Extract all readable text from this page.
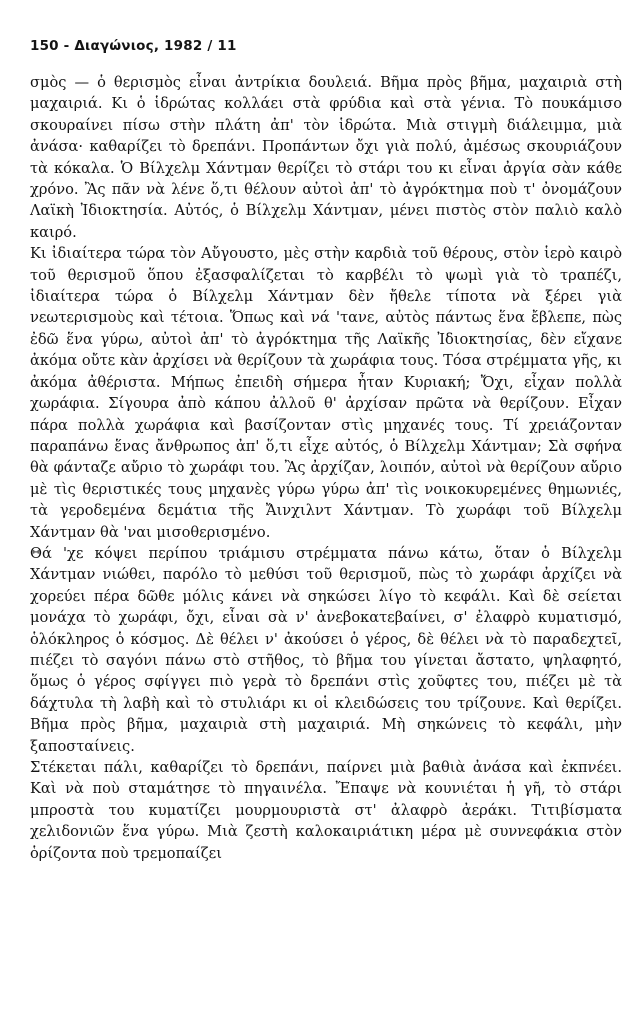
150 - Διαγώνιος, 1982 / 11

σμὸς — ὁ θερισμὸς εἶναι ἀντρίκια δουλειά. Βῆμα πρὸς βῆμα, μαχαιριὰ στὴ μαχαιριά. Κι ὁ ἱδρώτας κολλάει στὰ φρύδια καὶ στὰ γένια. Τὸ πουκάμισο σκουραίνει πίσω στὴν πλάτη ἀπ' τὸν ἱδρώτα. Μιὰ στιγμὴ διάλειμμα, μιὰ ἀνάσα· καθαρίζει τὸ δρεπάνι. Προπάντων ὄχι γιὰ πολύ, ἀμέσως σκουριάζουν τὰ κόκαλα. Ὁ Βίλχελμ Χάντμαν θερίζει τὸ στάρι του κι εἶναι ἀργία σὰν κάθε χρόνο. Ἂς πᾶν νὰ λένε ὅ,τι θέλουν αὐτοὶ ἀπ' τὸ ἀγρόκτημα ποὺ τ' ὀνομάζουν Λαϊκὴ Ἰδιοκτησία. Αὐτός, ὁ Βίλχελμ Χάντμαν, μένει πιστὸς στὸν παλιὸ καλὸ καιρό.

Κι ἰδιαίτερα τώρα τὸν Αὔγουστο, μὲς στὴν καρδιὰ τοῦ θέρους, στὸν ἱερὸ καιρὸ τοῦ θερισμοῦ ὅπου ἐξασφαλίζεται τὸ καρβέλι τὸ ψωμὶ γιὰ τὸ τραπέζι, ἰδιαίτερα τώρα ὁ Βίλχελμ Χάντμαν δὲν ἤθελε τίποτα νὰ ξέρει γιὰ νεωτερισμοὺς καὶ τέτοια. Ὅπως καὶ νά 'τανε, αὐτὸς πάντως ἕνα ἔβλεπε, πὼς ἐδῶ ἕνα γύρω, αὐτοὶ ἀπ' τὸ ἀγρόκτημα τῆς Λαϊκῆς Ἰδιοκτησίας, δὲν εἴχανε ἀκόμα οὔτε κὰν ἀρχίσει νὰ θερίζουν τὰ χωράφια τους. Τόσα στρέμματα γῆς, κι ἀκόμα ἀθέριστα. Μήπως ἐπειδὴ σήμερα ἦταν Κυριακή; Ὄχι, εἶχαν πολλὰ χωράφια. Σίγουρα ἀπὸ κάπου ἀλλοῦ θ' ἀρχίσαν πρῶτα νὰ θερίζουν. Εἶχαν πάρα πολλὰ χωράφια καὶ βασίζονταν στὶς μηχανές τους. Τί χρειάζονταν παραπάνω ἕνας ἄνθρωπος ἀπ' ὅ,τι εἶχε αὐτός, ὁ Βίλχελμ Χάντμαν; Σὰ σφήνα θὰ φάνταζε αὔριο τὸ χωράφι του. Ἂς ἀρχίζαν, λοιπόν, αὐτοὶ νὰ θερίζουν αὔριο μὲ τὶς θεριστικές τους μηχανὲς γύρω γύρω ἀπ' τὶς νοικοκυρεμένες θημωνιές, τὰ γεροδεμένα δεμάτια τῆς Ἄινχιλντ Χάντμαν. Τὸ χωράφι τοῦ Βίλχελμ Χάντμαν θὰ 'ναι μισοθερισμένο.

Θά 'χε κόψει περίπου τριάμισυ στρέμματα πάνω κάτω, ὅταν ὁ Βίλχελμ Χάντμαν νιώθει, παρόλο τὸ μεθύσι τοῦ θερισμοῦ, πὼς τὸ χωράφι ἀρχίζει νὰ χορεύει πέρα δῶθε μόλις κάνει νὰ σηκώσει λίγο τὸ κεφάλι. Καὶ δὲ σείεται μονάχα τὸ χωράφι, ὄχι, εἶναι σὰ ν' ἀνεβοκατεβαίνει, σ' ἐλαφρὸ κυματισμό, ὁλόκληρος ὁ κόσμος. Δὲ θέλει ν' ἀκούσει ὁ γέρος, δὲ θέλει νὰ τὸ παραδεχτεῖ, πιέζει τὸ σαγόνι πάνω στὸ στῆθος, τὸ βῆμα του γίνεται ἄστατο, ψηλαφητό, ὅμως ὁ γέρος σφίγγει πιὸ γερὰ τὸ δρεπάνι στὶς χοῦφτες του, πιέζει μὲ τὰ δάχτυλα τὴ λαβὴ καὶ τὸ στυλιάρι κι οἱ κλειδώσεις του τρίζουνε. Καὶ θερίζει. Βῆμα πρὸς βῆμα, μαχαιριὰ στὴ μαχαιριά. Μὴ σηκώνεις τὸ κεφάλι, μὴν ξαποσταίνεις.

Στέκεται πάλι, καθαρίζει τὸ δρεπάνι, παίρνει μιὰ βαθιὰ ἀνάσα καὶ ἐκπνέει. Καὶ νὰ ποὺ σταμάτησε τὸ πηγαινέλα. Ἔπαψε νὰ κουνιέται ἡ γῆ, τὸ στάρι μπροστὰ του κυματίζει μουρμουριστὰ στ' ἀλαφρὸ ἀεράκι. Τιτιβίσματα χελιδονιῶν ἕνα γύρω. Μιὰ ζεστὴ καλοκαιριάτικη μέρα μὲ συννεφάκια στὸν ὁρίζοντα ποὺ τρεμοπαίζει
